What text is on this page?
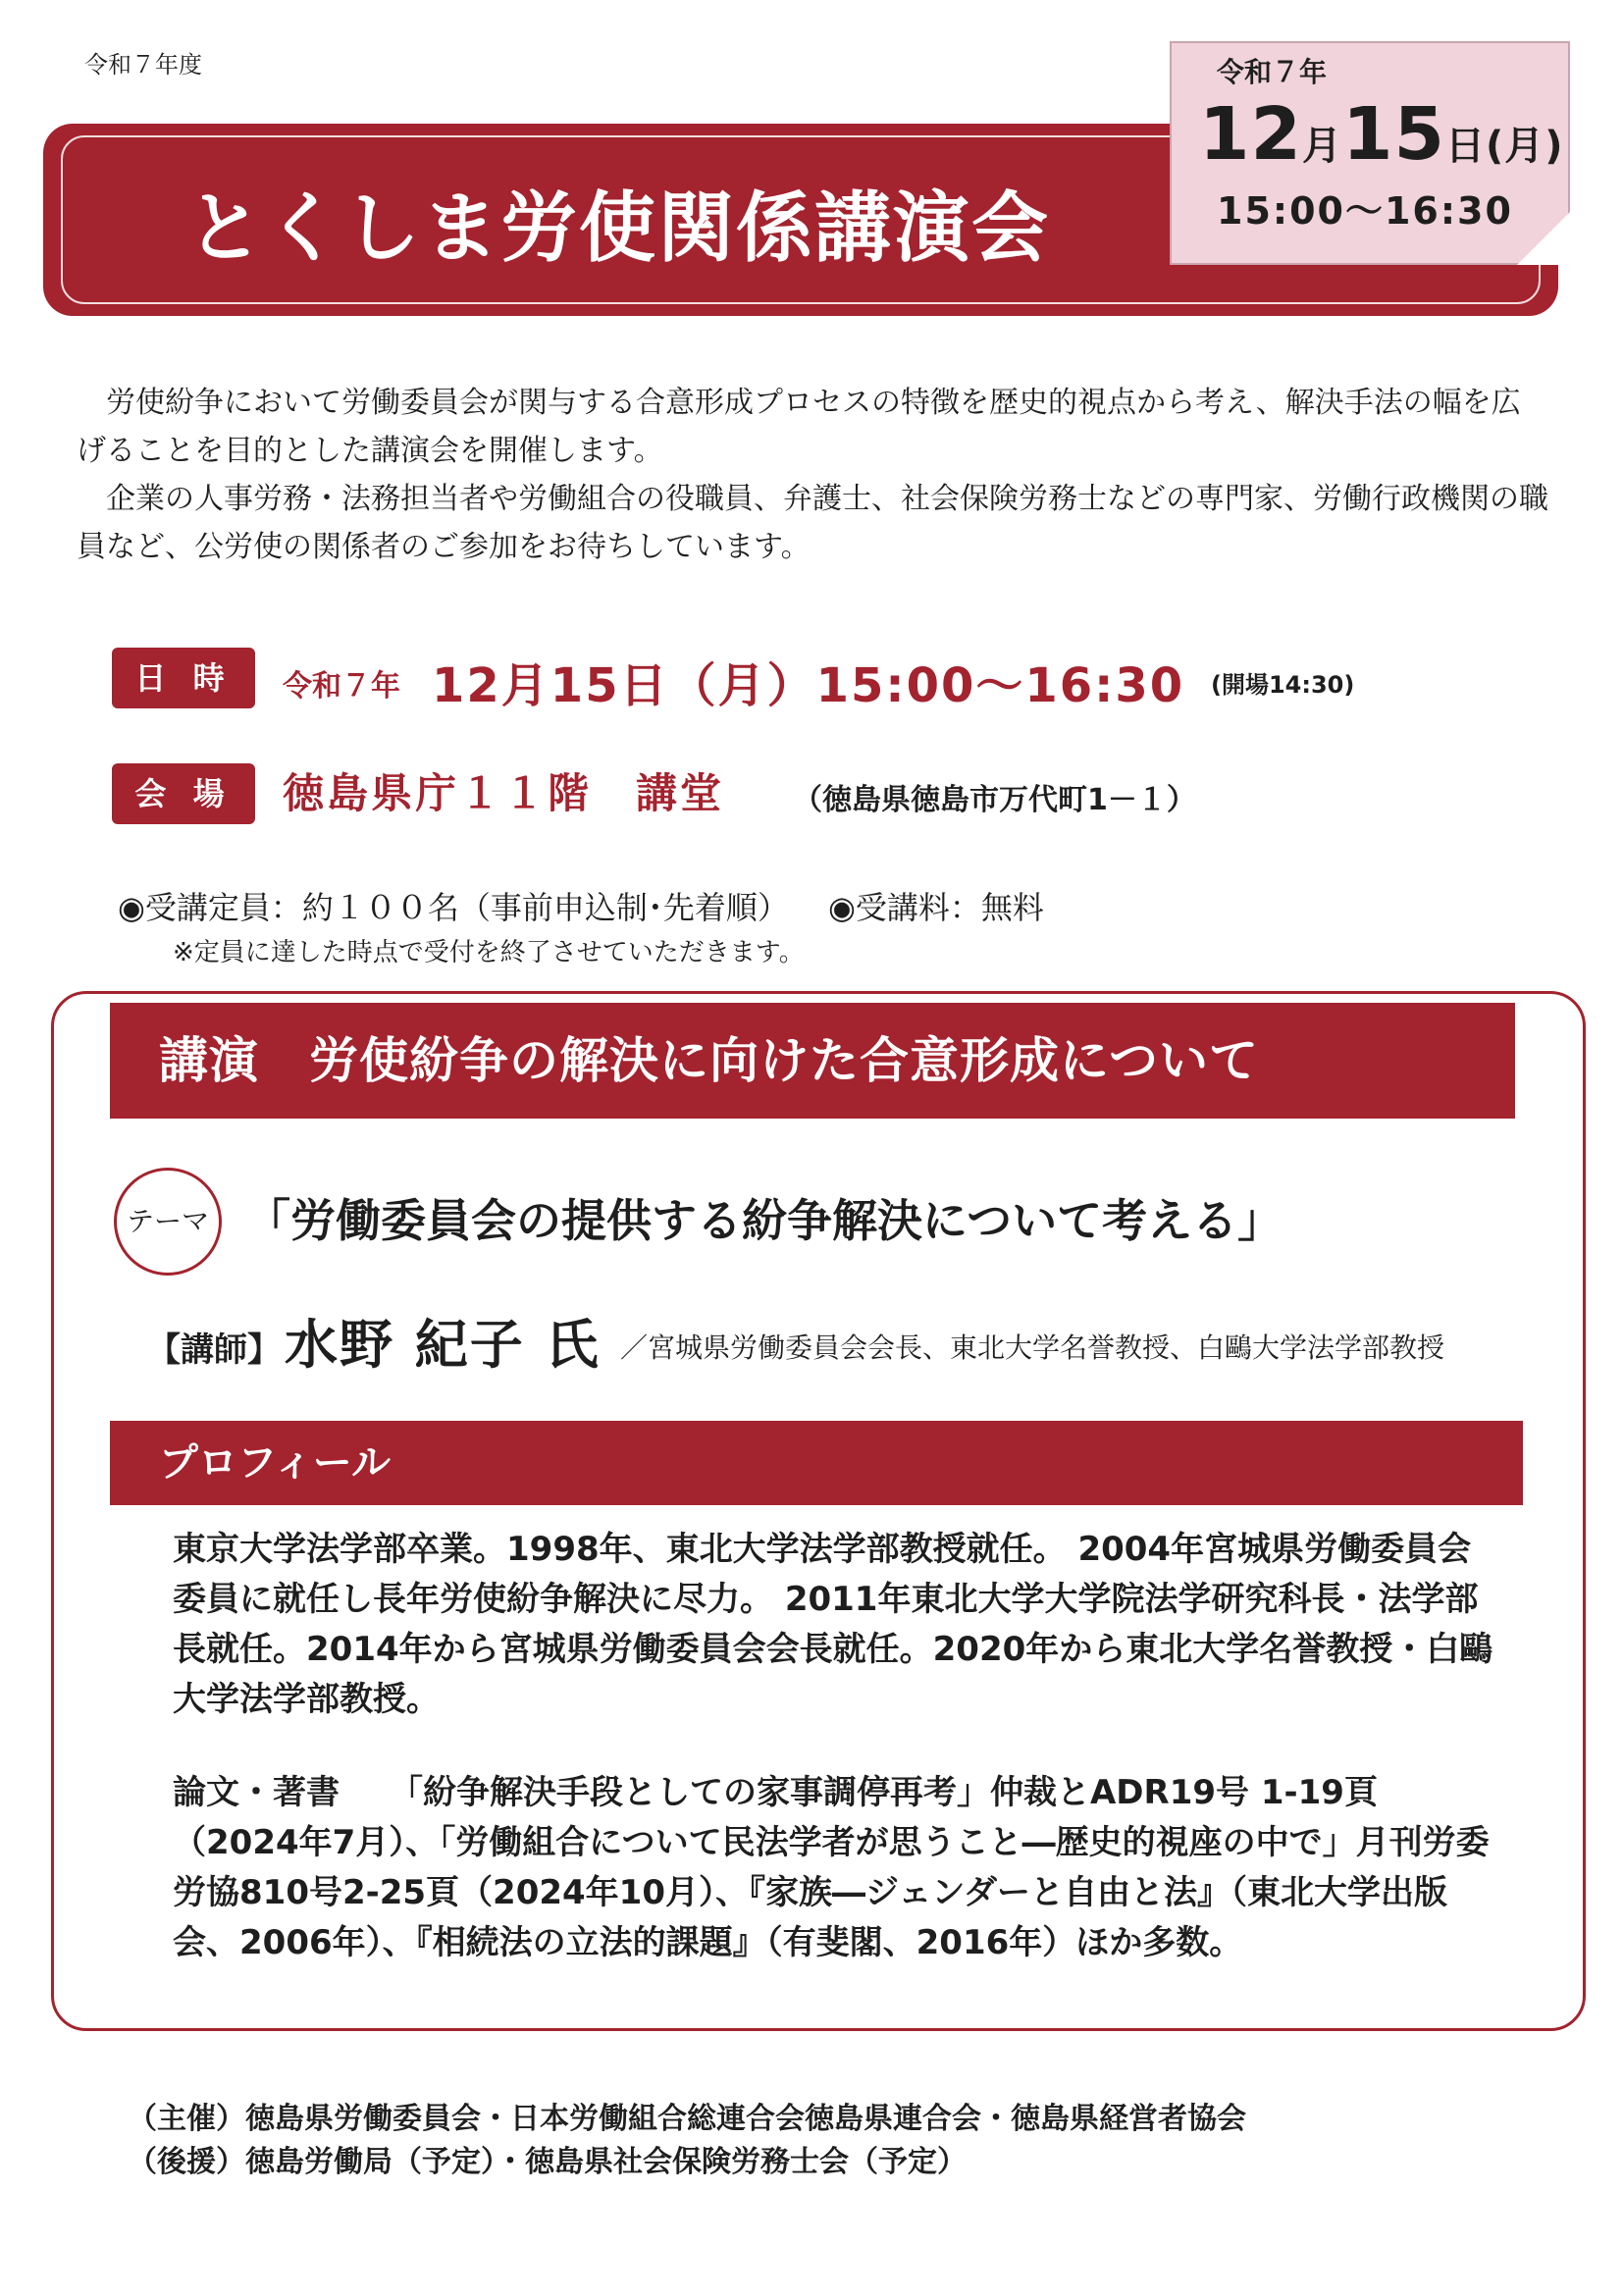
令和７年度
とくしま労使関係講演会
令和７年
12月15日(月)
15:00～16:30

労使紛争において労働委員会が関与する合意形成プロセスの特徴を歴史的視点から考え、解決手法の幅を広げることを目的とした講演会を開催します。

企業の人事労務・法務担当者や労働組合の役職員、弁護士、社会保険労務士などの専門家、労働行政機関の職員など、公労使の関係者のご参加をお待ちしています。

日 時	令和７年 12月15日（月）15:00～16:30 (開場14:30)
会 場	徳島県庁１１階　講堂 （徳島県徳島市万代町1－１）
◉受講定員：約１００名（事前申込制･先着順） ◉受講料：無料
※定員に達した時点で受付を終了させていただきます。
講演　労使紛争の解決に向けた合意形成について
テーマ 「労働委員会の提供する紛争解決について考える」
【講師】 水野 紀子 氏 ／宮城県労働委員会会長、東北大学名誉教授、白鷗大学法学部教授
プロフィール

東京大学法学部卒業。1998年、東北大学法学部教授就任。 2004年宮城県労働委員会委員に就任し長年労使紛争解決に尽力。 2011年東北大学大学院法学研究科長・法学部長就任。2014年から宮城県労働委員会会長就任。2020年から東北大学名誉教授・白鷗大学法学部教授。

論文・著書　　「紛争解決手段としての家事調停再考」仲裁とADR19号 1-19頁（2024年7月）、「労働組合について民法学者が思うこと―歴史的視座の中で」月刊労委労協810号2-25頁（2024年10月）、『家族―ジェンダーと自由と法』（東北大学出版会、2006年）、『相続法の立法的課題』（有斐閣、2016年）ほか多数。

（主催）徳島県労働委員会・日本労働組合総連合会徳島県連合会・徳島県経営者協会
（後援）徳島労働局（予定）・徳島県社会保険労務士会（予定）
